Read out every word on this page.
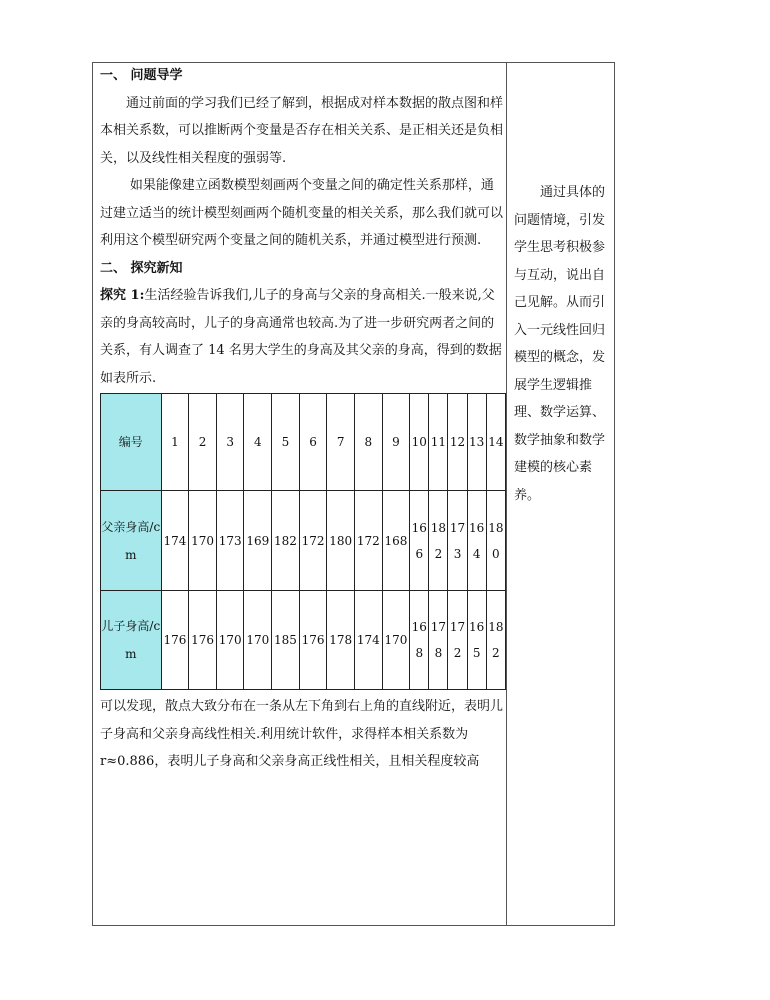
一、 问题导学

通过前面的学习我们已经了解到，根据成对样本数据的散点图和样本相关系数，可以推断两个变量是否存在相关关系、是正相关还是负相关，以及线性相关程度的强弱等.

如果能像建立函数模型刻画两个变量之间的确定性关系那样，通过建立适当的统计模型刻画两个随机变量的相关关系，那么我们就可以利用这个模型研究两个变量之间的随机关系，并通过模型进行预测.

二、 探究新知

探究 1:生活经验告诉我们,儿子的身高与父亲的身高相关.一般来说,父亲的身高较高时，儿子的身高通常也较高.为了进一步研究两者之间的关系，有人调查了 14 名男大学生的身高及其父亲的身高，得到的数据如表所示.

编号	1	2	3	4	5	6	7	8	9	10	11	12	13	14
父亲身高/cm	174	170	173	169	182	172	180	172	168	166	182	173	164	180
儿子身高/cm	176	176	170	170	185	176	178	174	170	168	178	172	165	182

可以发现，散点大致分布在一条从左下角到右上角的直线附近，表明儿子身高和父亲身高线性相关.利用统计软件，求得样本相关系数为 r≈0.886，表明儿子身高和父亲身高正线性相关，且相关程度较高

通过具体的问题情境，引发学生思考积极参与互动，说出自己见解。从而引入一元线性回归模型的概念，发展学生逻辑推理、数学运算、数学抽象和数学建模的核心素养。
